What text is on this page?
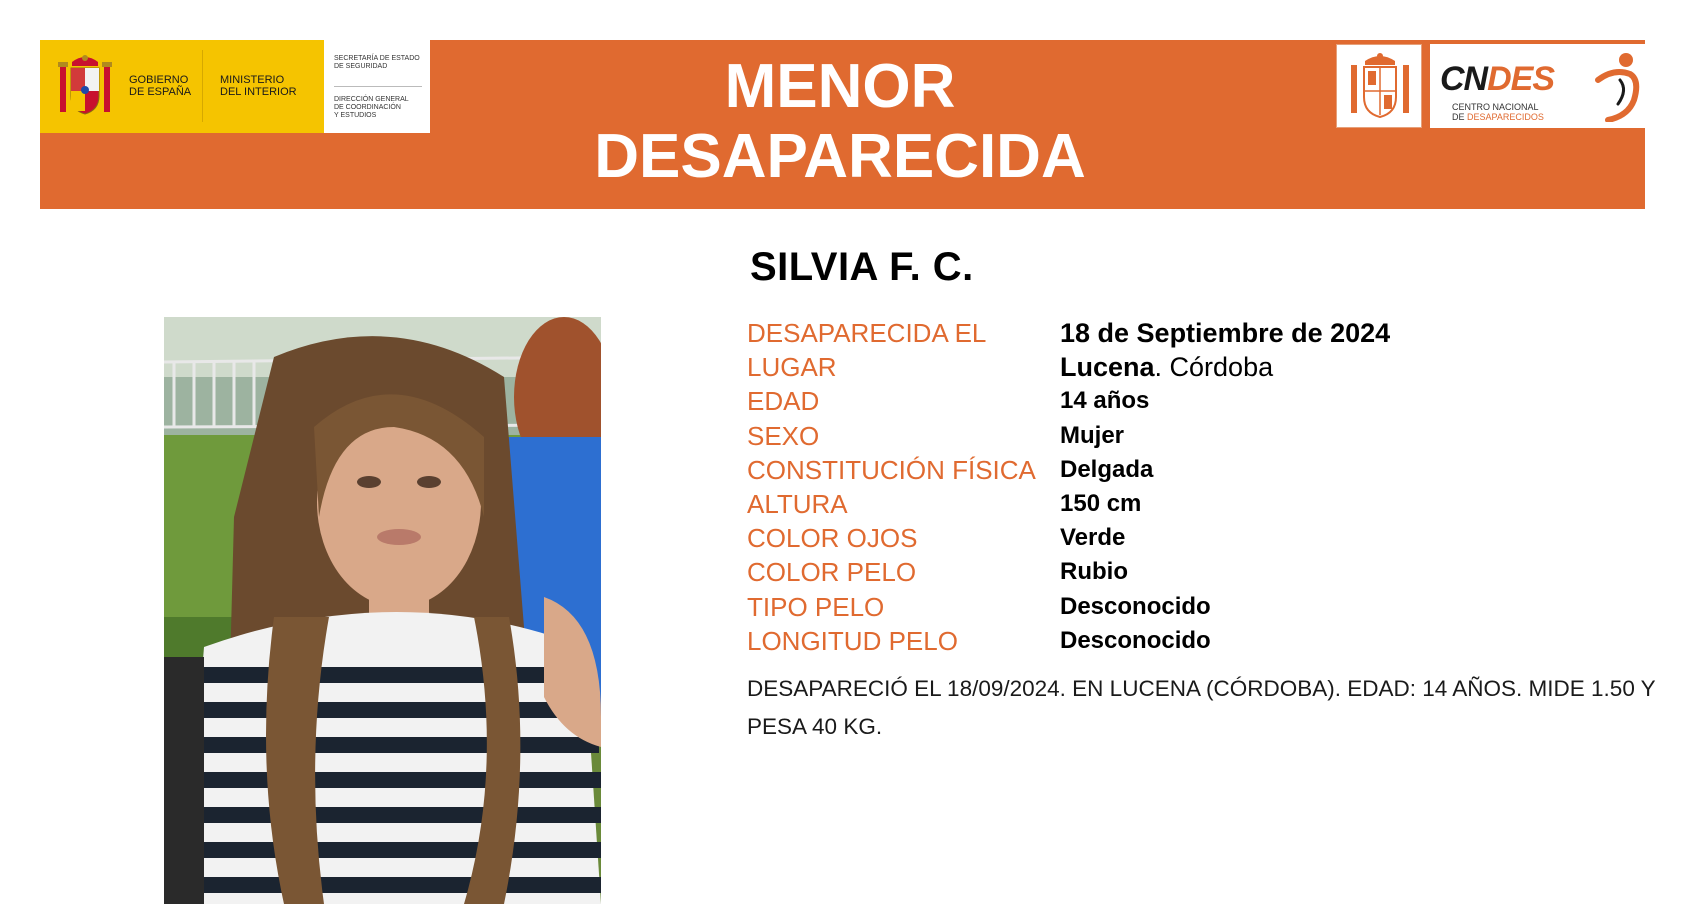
GOBIERNO
DE ESPAÑA
MINISTERIO
DEL INTERIOR
SECRETARÍA DE ESTADO
DE SEGURIDAD
DIRECCIÓN GENERAL
DE COORDINACIÓN
Y ESTUDIOS	MENOR
DESAPARECIDA
CNDES
CENTRO NACIONAL
DE DESAPARECIDOS
SILVIA F. C.
DESAPARECIDA EL	18 de Septiembre de 2024
LUGAR	Lucena. Córdoba
EDAD	14 años
SEXO	Mujer
CONSTITUCIÓN FÍSICA	Delgada
ALTURA	150 cm
COLOR OJOS	Verde
COLOR PELO	Rubio
TIPO PELO	Desconocido
LONGITUD PELO	Desconocido
DESAPARECIÓ EL 18/09/2024. EN LUCENA (CÓRDOBA). EDAD: 14 AÑOS. MIDE 1.50 Y PESA 40 KG.
